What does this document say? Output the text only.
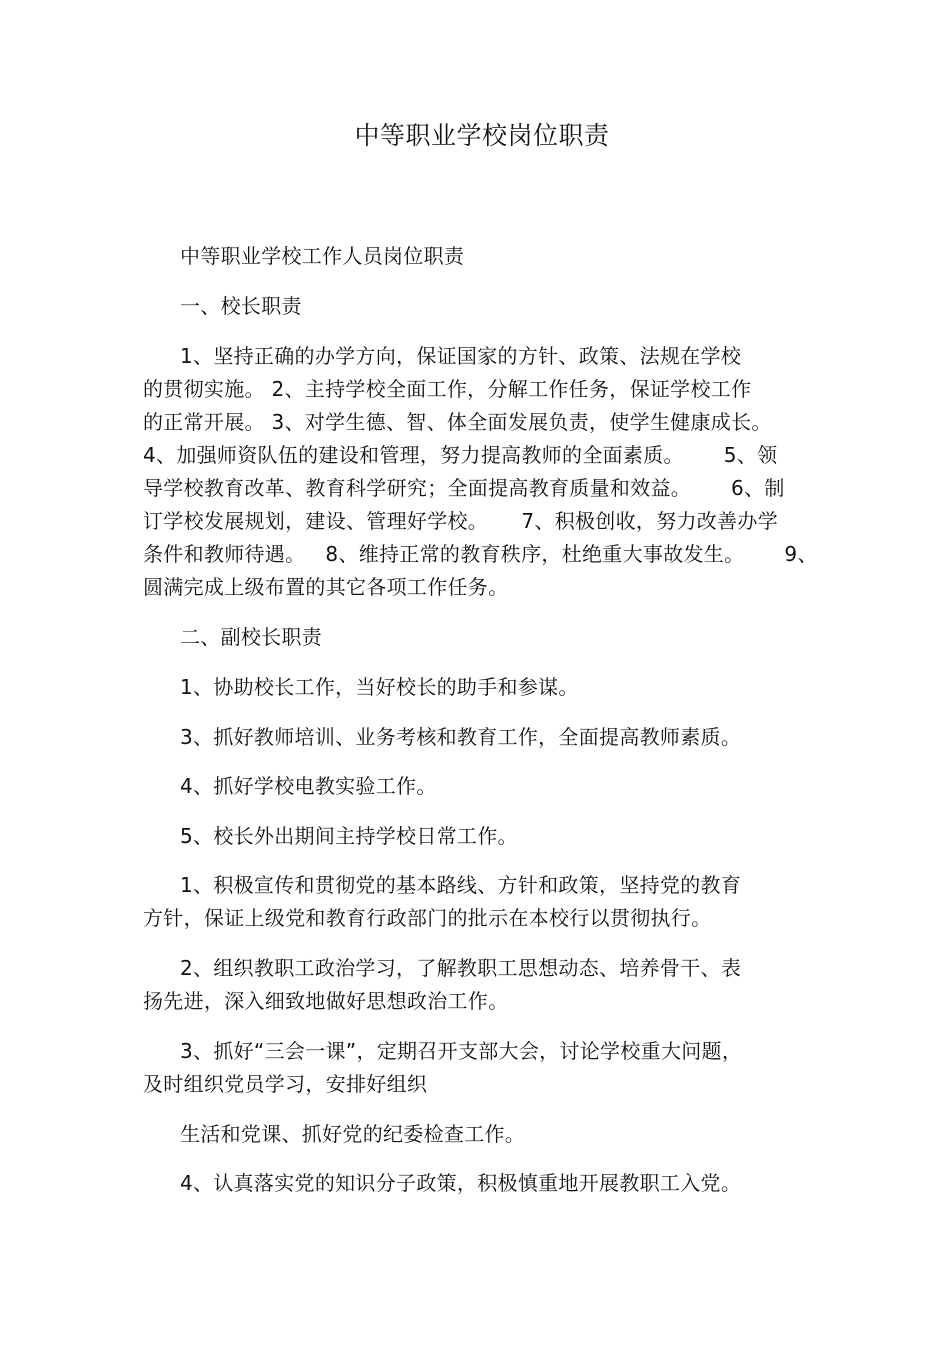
中等职业学校岗位职责
中等职业学校工作人员岗位职责
一、校长职责
1、坚持正确的办学方向，保证国家的方针、政策、法规在学校
的贯彻实施。 2、主持学校全面工作，分解工作任务，保证学校工作
的正常开展。 3、对学生德、智、体全面发展负责，使学生健康成长。
4、加强师资队伍的建设和管理，努力提高教师的全面素质。      5、领
导学校教育改革、教育科学研究；全面提高教育质量和效益。      6、制
订学校发展规划，建设、管理好学校。     7、积极创收，努力改善办学
条件和教师待遇。   8、维持正常的教育秩序，杜绝重大事故发生。      9、
圆满完成上级布置的其它各项工作任务。
二、副校长职责
1、协助校长工作，当好校长的助手和参谋。
3、抓好教师培训、业务考核和教育工作，全面提高教师素质。
4、抓好学校电教实验工作。
5、校长外出期间主持学校日常工作。
1、积极宣传和贯彻党的基本路线、方针和政策，坚持党的教育
方针，保证上级党和教育行政部门的批示在本校行以贯彻执行。
2、组织教职工政治学习，了解教职工思想动态、培养骨干、表
扬先进，深入细致地做好思想政治工作。
3、抓好“三会一课”，定期召开支部大会，讨论学校重大问题，
及时组织党员学习，安排好组织
生活和党课、抓好党的纪委检查工作。
4、认真落实党的知识分子政策，积极慎重地开展教职工入党。
